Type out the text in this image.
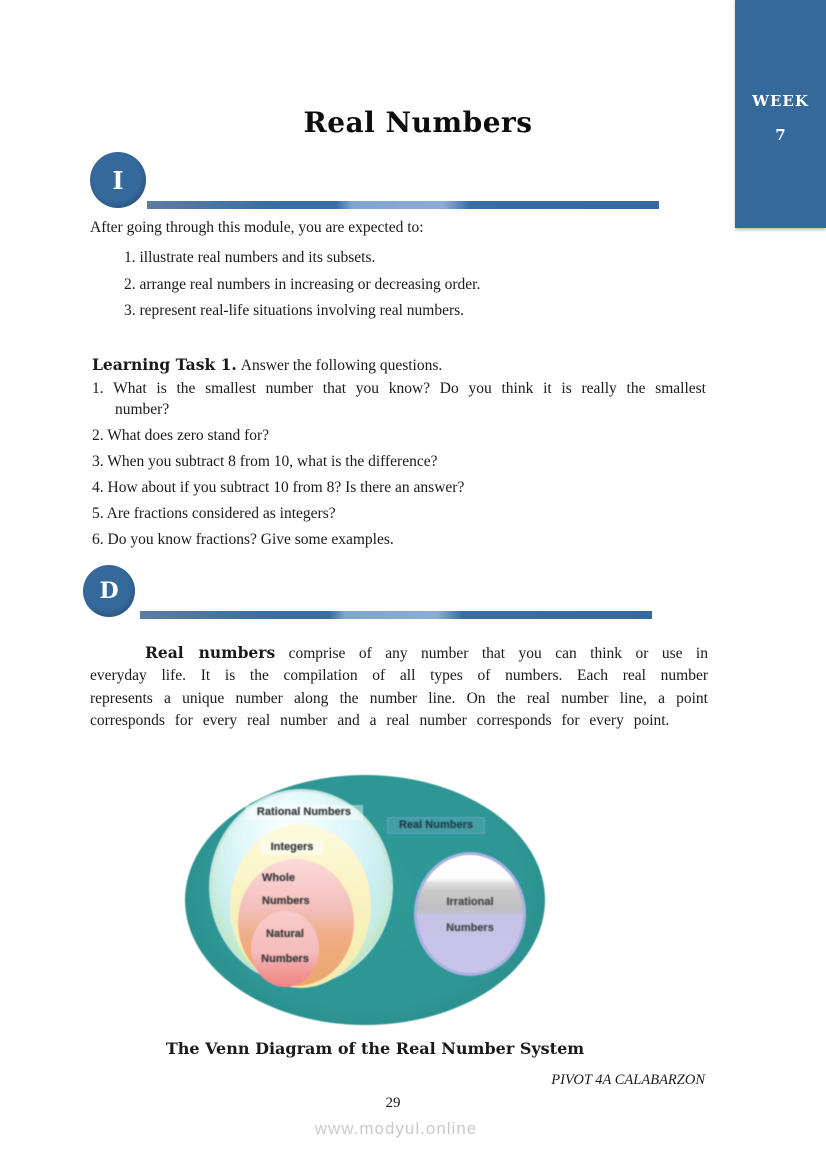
WEEK
7
Real Numbers
I
After going through this module, you are expected to:
1. illustrate real numbers and its subsets.
2. arrange real numbers in increasing or decreasing order.
3. represent real-life situations involving real numbers.
Learning Task 1. Answer the following questions.
1. What is the smallest number that you know? Do you think it is really the smallest number?
2. What does zero stand for?
3. When you subtract 8 from 10, what is the difference?
4. How about if you subtract 10 from 8? Is there an answer?
5. Are fractions considered as integers?
6. Do you know fractions? Give some examples.
D
Real numbers comprise of any number that you can think or use in everyday life. It is the compilation of all types of numbers. Each real number represents a unique number along the number line. On the real number line, a point corresponds for every real number and a real number corresponds for every point.
Rational Numbers
Real Numbers
Integers
Whole Numbers
Natural Numbers
Irrational Numbers
The Venn Diagram of the Real Number System
PIVOT 4A CALABARZON
29
www.modyul.online
